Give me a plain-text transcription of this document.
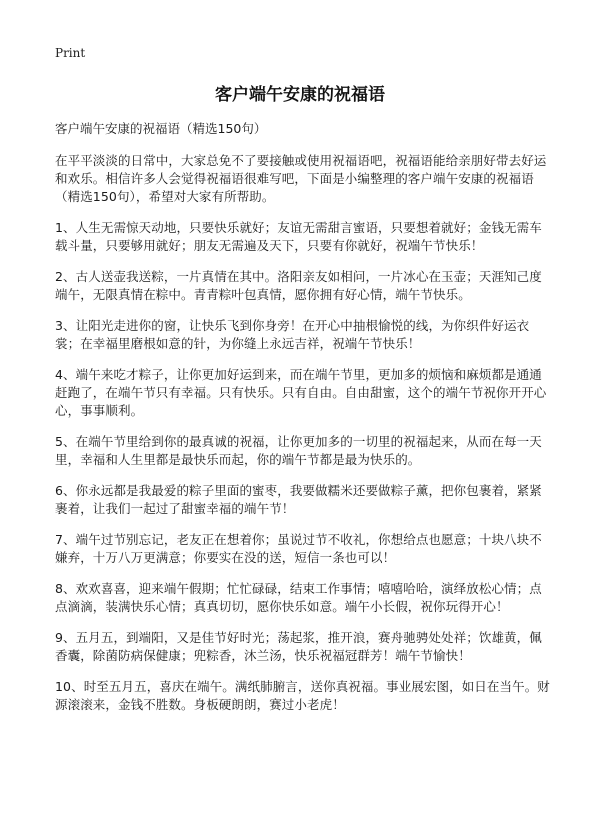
Print
客户端午安康的祝福语

客户端午安康的祝福语（精选150句）

在平平淡淡的日常中，大家总免不了要接触或使用祝福语吧，祝福语能给亲朋好带去好运和欢乐。相信许多人会觉得祝福语很难写吧，下面是小编整理的客户端午安康的祝福语（精选150句），希望对大家有所帮助。

1、人生无需惊天动地，只要快乐就好；友谊无需甜言蜜语，只要想着就好；金钱无需车载斗量，只要够用就好；朋友无需遍及天下，只要有你就好，祝端午节快乐！

2、古人送壶我送粽，一片真情在其中。洛阳亲友如相问，一片冰心在玉壶；天涯知己度端午，无限真情在粽中。青青粽叶包真情，愿你拥有好心情，端午节快乐。

3、让阳光走进你的窗，让快乐飞到你身旁！在开心中抽根愉悦的线，为你织件好运衣裳；在幸福里磨根如意的针，为你缝上永远吉祥，祝端午节快乐！

4、端午来吃才粽子，让你更加好运到来，而在端午节里，更加多的烦恼和麻烦都是通通赶跑了，在端午节只有幸福。只有快乐。只有自由。自由甜蜜，这个的端午节祝你开开心心，事事顺利。

5、在端午节里给到你的最真诚的祝福，让你更加多的一切里的祝福起来，从而在每一天里，幸福和人生里都是最快乐而起，你的端午节都是最为快乐的。

6、你永远都是我最爱的粽子里面的蜜枣，我要做糯米还要做粽子薰，把你包裹着，紧紧裹着，让我们一起过了甜蜜幸福的端午节！

7、端午过节别忘记，老友正在想着你；虽说过节不收礼，你想给点也愿意；十块八块不嫌弃，十万八万更满意；你要实在没的送，短信一条也可以！

8、欢欢喜喜，迎来端午假期；忙忙碌碌，结束工作事情；嘻嘻哈哈，演绎放松心情；点点滴滴，装满快乐心情；真真切切，愿你快乐如意。端午小长假，祝你玩得开心！

9、五月五，到端阳，又是佳节好时光；荡起浆，推开浪，赛舟驰骋处处祥；饮雄黄，佩香囊，除菌防病保健康；兜粽香，沐兰汤，快乐祝福冠群芳！端午节愉快！

10、时至五月五，喜庆在端午。满纸肺腑言，送你真祝福。事业展宏图，如日在当午。财源滚滚来，金钱不胜数。身板硬朗朗，赛过小老虎！
